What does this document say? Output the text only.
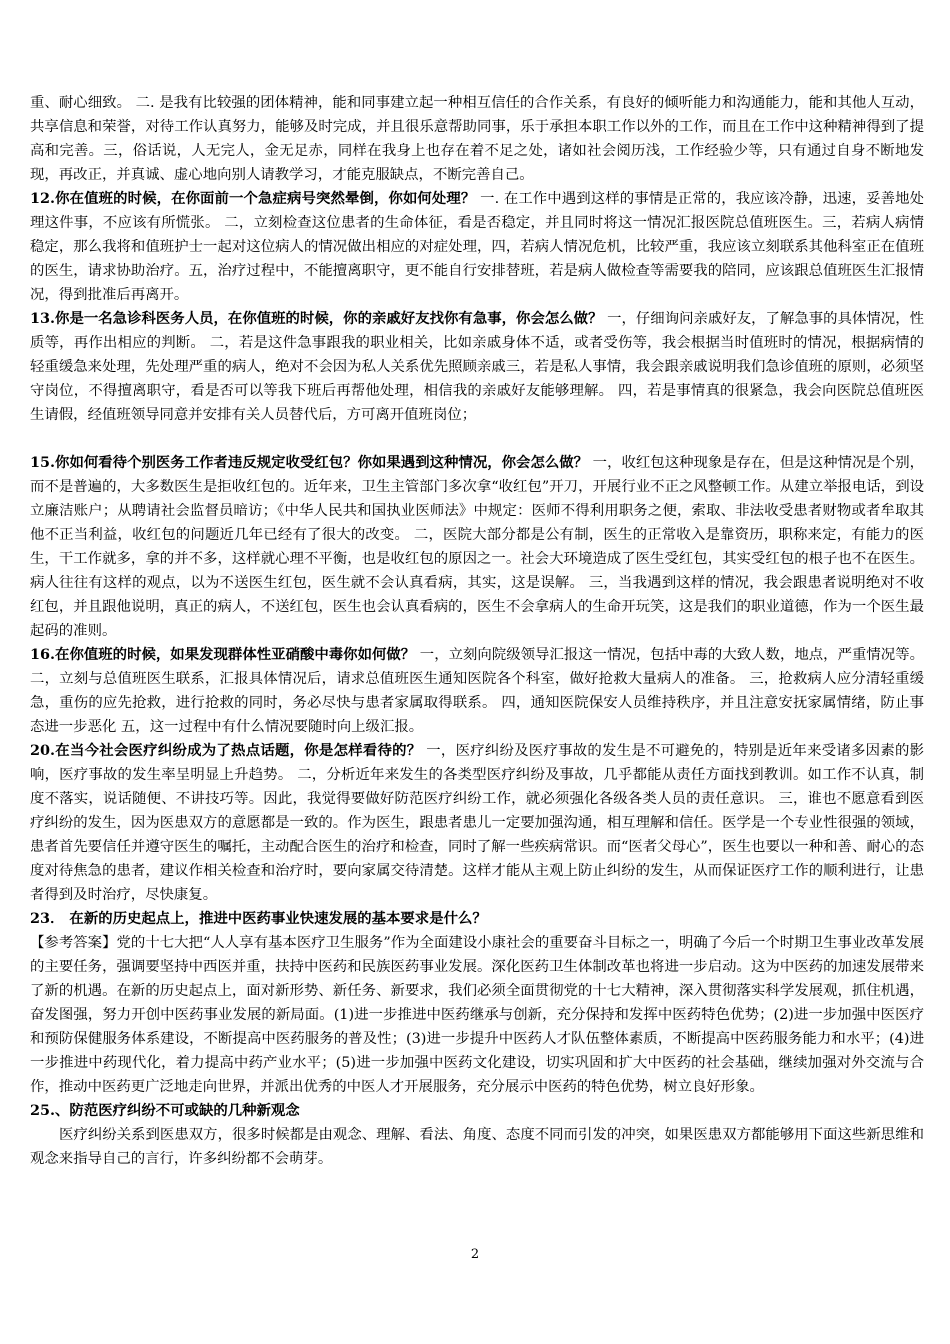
重、耐心细致。 二. 是我有比较强的团体精神，能和同事建立起一种相互信任的合作关系，有良好的倾听能力和沟通能力，能和其他人互动，共享信息和荣誉，对待工作认真努力，能够及时完成，并且很乐意帮助同事，乐于承担本职工作以外的工作，而且在工作中这种精神得到了提高和完善。三，俗话说，人无完人，金无足赤，同样在我身上也存在着不足之处，诸如社会阅历浅，工作经验少等，只有通过自身不断地发现，再改正，并真诚、虚心地向别人请教学习，才能克服缺点，不断完善自己。

12.你在值班的时候，在你面前一个急症病号突然晕倒，你如何处理？ 一. 在工作中遇到这样的事情是正常的，我应该冷静，迅速，妥善地处理这件事，不应该有所慌张。 二，立刻检查这位患者的生命体征，看是否稳定，并且同时将这一情况汇报医院总值班医生。三，若病人病情稳定，那么我将和值班护士一起对这位病人的情况做出相应的对症处理，四，若病人情况危机，比较严重，我应该立刻联系其他科室正在值班的医生，请求协助治疗。五，治疗过程中，不能擅离职守，更不能自行安排替班，若是病人做检查等需要我的陪同，应该跟总值班医生汇报情况，得到批准后再离开。

13.你是一名急诊科医务人员，在你值班的时候，你的亲戚好友找你有急事，你会怎么做？ 一，仔细询问亲戚好友，了解急事的具体情况，性质等，再作出相应的判断。 二，若是这件急事跟我的职业相关，比如亲戚身体不适，或者受伤等，我会根据当时值班时的情况，根据病情的轻重缓急来处理，先处理严重的病人，绝对不会因为私人关系优先照顾亲戚三，若是私人事情，我会跟亲戚说明我们急诊值班的原则，必须坚守岗位，不得擅离职守，看是否可以等我下班后再帮他处理，相信我的亲戚好友能够理解。 四，若是事情真的很紧急，我会向医院总值班医生请假，经值班领导同意并安排有关人员替代后，方可离开值班岗位；

15.你如何看待个别医务工作者违反规定收受红包？你如果遇到这种情况，你会怎么做？ 一，收红包这种现象是存在，但是这种情况是个别，而不是普遍的，大多数医生是拒收红包的。近年来，卫生主管部门多次拿“收红包”开刀，开展行业不正之风整顿工作。从建立举报电话，到设立廉洁账户；从聘请社会监督员暗访；《中华人民共和国执业医师法》中规定：医师不得利用职务之便，索取、非法收受患者财物或者牟取其他不正当利益，收红包的问题近几年已经有了很大的改变。 二，医院大部分都是公有制，医生的正常收入是靠资历，职称来定，有能力的医生，干工作就多，拿的并不多，这样就心理不平衡，也是收红包的原因之一。社会大环境造成了医生受红包，其实受红包的根子也不在医生。病人往往有这样的观点，以为不送医生红包，医生就不会认真看病，其实，这是误解。 三，当我遇到这样的情况，我会跟患者说明绝对不收红包，并且跟他说明，真正的病人，不送红包，医生也会认真看病的，医生不会拿病人的生命开玩笑，这是我们的职业道德，作为一个医生最起码的准则。

16.在你值班的时候，如果发现群体性亚硝酸中毒你如何做？ 一，立刻向院级领导汇报这一情况，包括中毒的大致人数，地点，严重情况等。 二，立刻与总值班医生联系，汇报具体情况后，请求总值班医生通知医院各个科室，做好抢救大量病人的准备。 三，抢救病人应分清轻重缓急，重伤的应先抢救，进行抢救的同时，务必尽快与患者家属取得联系。 四，通知医院保安人员维持秩序，并且注意安抚家属情绪，防止事态进一步恶化 五，这一过程中有什么情况要随时向上级汇报。

20.在当今社会医疗纠纷成为了热点话题，你是怎样看待的？ 一，医疗纠纷及医疗事故的发生是不可避免的，特别是近年来受诸多因素的影响，医疗事故的发生率呈明显上升趋势。 二，分析近年来发生的各类型医疗纠纷及事故，几乎都能从责任方面找到教训。如工作不认真，制度不落实，说话随便、不讲技巧等。因此，我觉得要做好防范医疗纠纷工作，就必须强化各级各类人员的责任意识。 三，谁也不愿意看到医疗纠纷的发生，因为医患双方的意愿都是一致的。作为医生，跟患者患儿一定要加强沟通，相互理解和信任。医学是一个专业性很强的领域，患者首先要信任并遵守医生的嘱托，主动配合医生的治疗和检查，同时了解一些疾病常识。而“医者父母心”，医生也要以一种和善、耐心的态度对待焦急的患者，建议作相关检查和治疗时，要向家属交待清楚。这样才能从主观上防止纠纷的发生，从而保证医疗工作的顺利进行，让患者得到及时治疗，尽快康复。

23． 在新的历史起点上，推进中医药事业快速发展的基本要求是什么？

【参考答案】党的十七大把“人人享有基本医疗卫生服务”作为全面建设小康社会的重要奋斗目标之一，明确了今后一个时期卫生事业改革发展的主要任务，强调要坚持中西医并重，扶持中医药和民族医药事业发展。深化医药卫生体制改革也将进一步启动。这为中医药的加速发展带来了新的机遇。在新的历史起点上，面对新形势、新任务、新要求，我们必须全面贯彻党的十七大精神，深入贯彻落实科学发展观，抓住机遇，奋发图强，努力开创中医药事业发展的新局面。(1)进一步推进中医药继承与创新，充分保持和发挥中医药特色优势；(2)进一步加强中医医疗和预防保健服务体系建设，不断提高中医药服务的普及性；(3)进一步提升中医药人才队伍整体素质，不断提高中医药服务能力和水平；(4)进一步推进中药现代化，着力提高中药产业水平；(5)进一步加强中医药文化建设，切实巩固和扩大中医药的社会基础，继续加强对外交流与合作，推动中医药更广泛地走向世界，并派出优秀的中医人才开展服务，充分展示中医药的特色优势，树立良好形象。

25.、防范医疗纠纷不可或缺的几种新观念

医疗纠纷关系到医患双方，很多时候都是由观念、理解、看法、角度、态度不同而引发的冲突，如果医患双方都能够用下面这些新思维和观念来指导自己的言行，许多纠纷都不会萌芽。

2
